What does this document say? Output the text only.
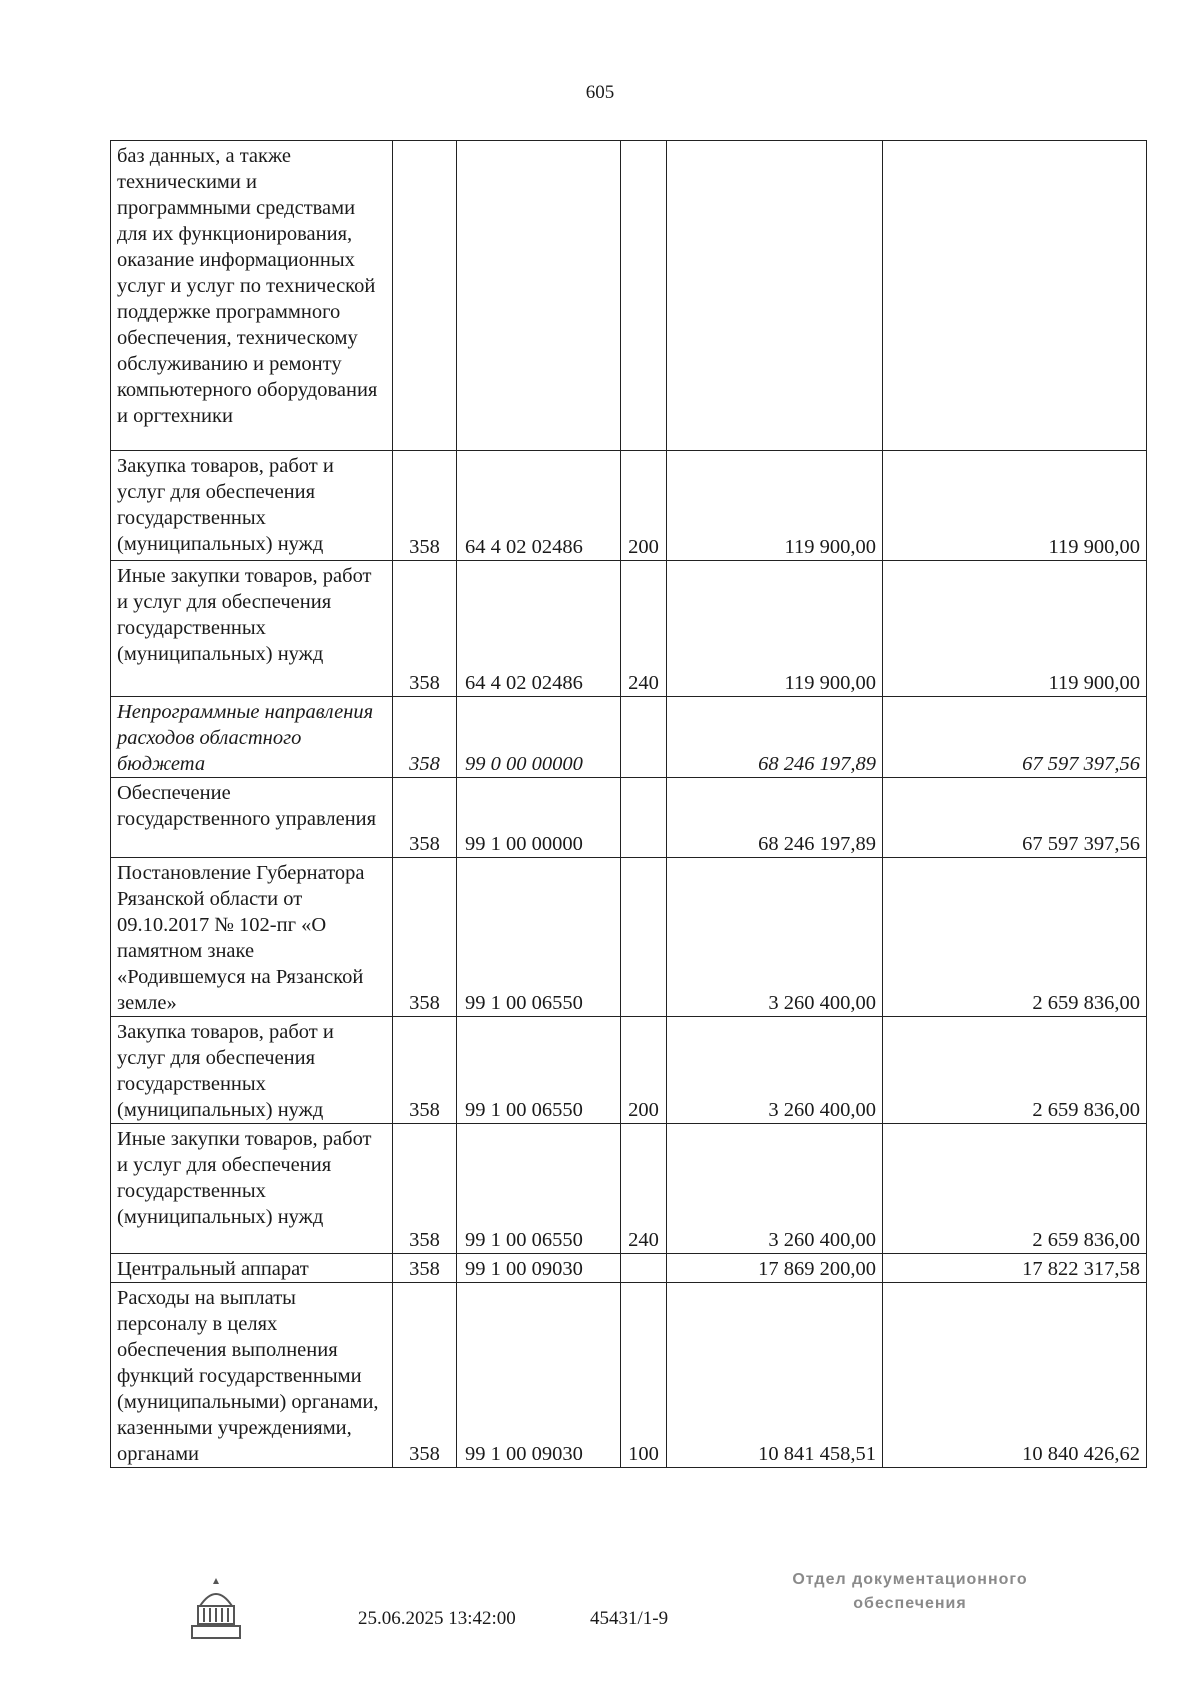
605
баз данных, а также техническими и программными средствами для их функционирования, оказание информационных услуг и услуг по технической поддержке программного обеспечения, техническому обслуживанию и ремонту компьютерного оборудования и оргтехники					
Закупка товаров, работ и услуг для обеспечения государственных (муниципальных) нужд	358	64 4 02 02486	200	119 900,00	119 900,00
Иные закупки товаров, работ и услуг для обеспечения государственных (муниципальных) нужд	358	64 4 02 02486	240	119 900,00	119 900,00
Непрограммные направления расходов областного бюджета	358	99 0 00 00000		68 246 197,89	67 597 397,56
Обеспечение государственного управления	358	99 1 00 00000		68 246 197,89	67 597 397,56
Постановление Губернатора Рязанской области от 09.10.2017 № 102-пг «О памятном знаке «Родившемуся на Рязанской земле»	358	99 1 00 06550		3 260 400,00	2 659 836,00
Закупка товаров, работ и услуг для обеспечения государственных (муниципальных) нужд	358	99 1 00 06550	200	3 260 400,00	2 659 836,00
Иные закупки товаров, работ и услуг для обеспечения государственных (муниципальных) нужд	358	99 1 00 06550	240	3 260 400,00	2 659 836,00
Центральный аппарат	358	99 1 00 09030		17 869 200,00	17 822 317,58
Расходы на выплаты персоналу в целях обеспечения выполнения функций государственными (муниципальными) органами, казенными учреждениями, органами	358	99 1 00 09030	100	10 841 458,51	10 840 426,62
25.06.2025 13:42:00	45431/1-9
Отдел документационного
обеспечения
